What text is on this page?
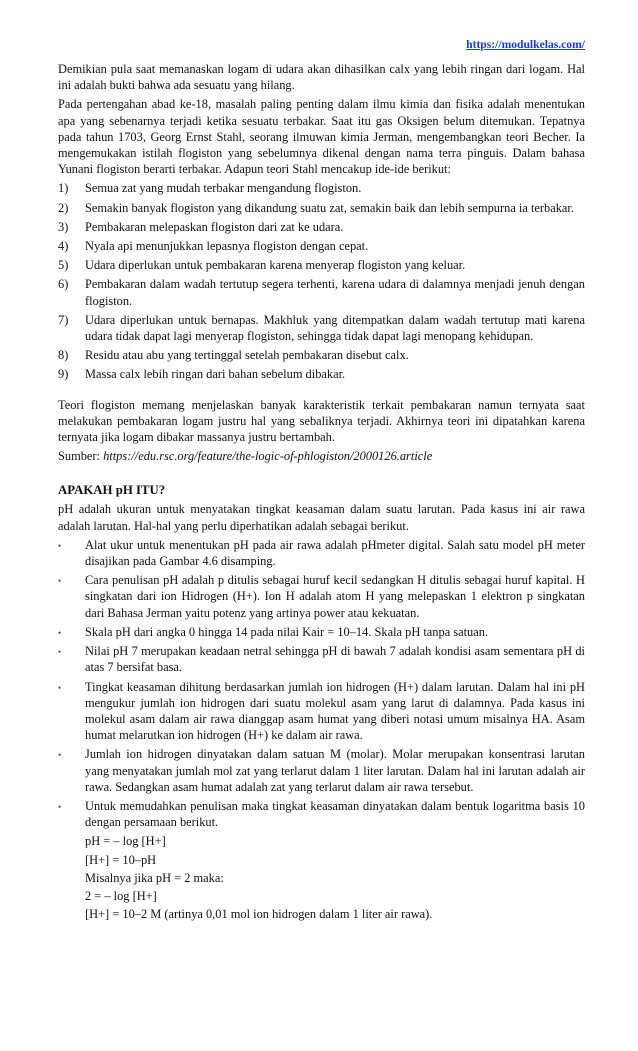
https://modulkelas.com/

Demikian pula saat memanaskan logam di udara akan dihasilkan calx yang lebih ringan dari logam. Hal ini adalah bukti bahwa ada sesuatu yang hilang.

Pada pertengahan abad ke-18, masalah paling penting dalam ilmu kimia dan fisika adalah menentukan apa yang sebenarnya terjadi ketika sesuatu terbakar. Saat itu gas Oksigen belum ditemukan. Tepatnya pada tahun 1703, Georg Ernst Stahl, seorang ilmuwan kimia Jerman, mengembangkan teori Becher. Ia mengemukakan istilah flogiston yang sebelumnya dikenal dengan nama terra pinguis. Dalam bahasa Yunani flogiston berarti terbakar. Adapun teori Stahl mencakup ide-ide berikut:

1) Semua zat yang mudah terbakar mengandung flogiston.
2) Semakin banyak flogiston yang dikandung suatu zat, semakin baik dan lebih sempurna ia terbakar.
3) Pembakaran melepaskan flogiston dari zat ke udara.
4) Nyala api menunjukkan lepasnya flogiston dengan cepat.
5) Udara diperlukan untuk pembakaran karena menyerap flogiston yang keluar.
6) Pembakaran dalam wadah tertutup segera terhenti, karena udara di dalamnya menjadi jenuh dengan flogiston.
7) Udara diperlukan untuk bernapas. Makhluk yang ditempatkan dalam wadah tertutup mati karena udara tidak dapat lagi menyerap flogiston, sehingga tidak dapat lagi menopang kehidupan.
8) Residu atau abu yang tertinggal setelah pembakaran disebut calx.
9) Massa calx lebih ringan dari bahan sebelum dibakar.

Teori flogiston memang menjelaskan banyak karakteristik terkait pembakaran namun ternyata saat melakukan pembakaran logam justru hal yang sebaliknya terjadi. Akhirnya teori ini dipatahkan karena ternyata jika logam dibakar massanya justru bertambah.

Sumber: https://edu.rsc.org/feature/the-logic-of-phlogiston/2000126.article

APAKAH pH ITU?

pH adalah ukuran untuk menyatakan tingkat keasaman dalam suatu larutan. Pada kasus ini air rawa adalah larutan. Hal-hal yang perlu diperhatikan adalah sebagai berikut.

• Alat ukur untuk menentukan pH pada air rawa adalah pHmeter digital. Salah satu model pH meter disajikan pada Gambar 4.6 disamping.
• Cara penulisan pH adalah p ditulis sebagai huruf kecil sedangkan H ditulis sebagai huruf kapital. H singkatan dari ion Hidrogen (H+). Ion H adalah atom H yang melepaskan 1 elektron p singkatan dari Bahasa Jerman yaitu potenz yang artinya power atau kekuatan.
• Skala pH dari angka 0 hingga 14 pada nilai Kair = 10–14. Skala pH tanpa satuan.
• Nilai pH 7 merupakan keadaan netral sehingga pH di bawah 7 adalah kondisi asam sementara pH di atas 7 bersifat basa.
• Tingkat keasaman dihitung berdasarkan jumlah ion hidrogen (H+) dalam larutan. Dalam hal ini pH mengukur jumlah ion hidrogen dari suatu molekul asam yang larut di dalamnya. Pada kasus ini molekul asam dalam air rawa dianggap asam humat yang diberi notasi umum misalnya HA. Asam humat melarutkan ion hidrogen (H+) ke dalam air rawa.
• Jumlah ion hidrogen dinyatakan dalam satuan M (molar). Molar merupakan konsentrasi larutan yang menyatakan jumlah mol zat yang terlarut dalam 1 liter larutan. Dalam hal ini larutan adalah air rawa. Sedangkan asam humat adalah zat yang terlarut dalam air rawa tersebut.
• Untuk memudahkan penulisan maka tingkat keasaman dinyatakan dalam bentuk logaritma basis 10 dengan persamaan berikut.
pH = – log [H+]
[H+] = 10–pH
Misalnya jika pH = 2 maka:
2 = – log [H+]
[H+] = 10–2 M (artinya 0,01 mol ion hidrogen dalam 1 liter air rawa).
